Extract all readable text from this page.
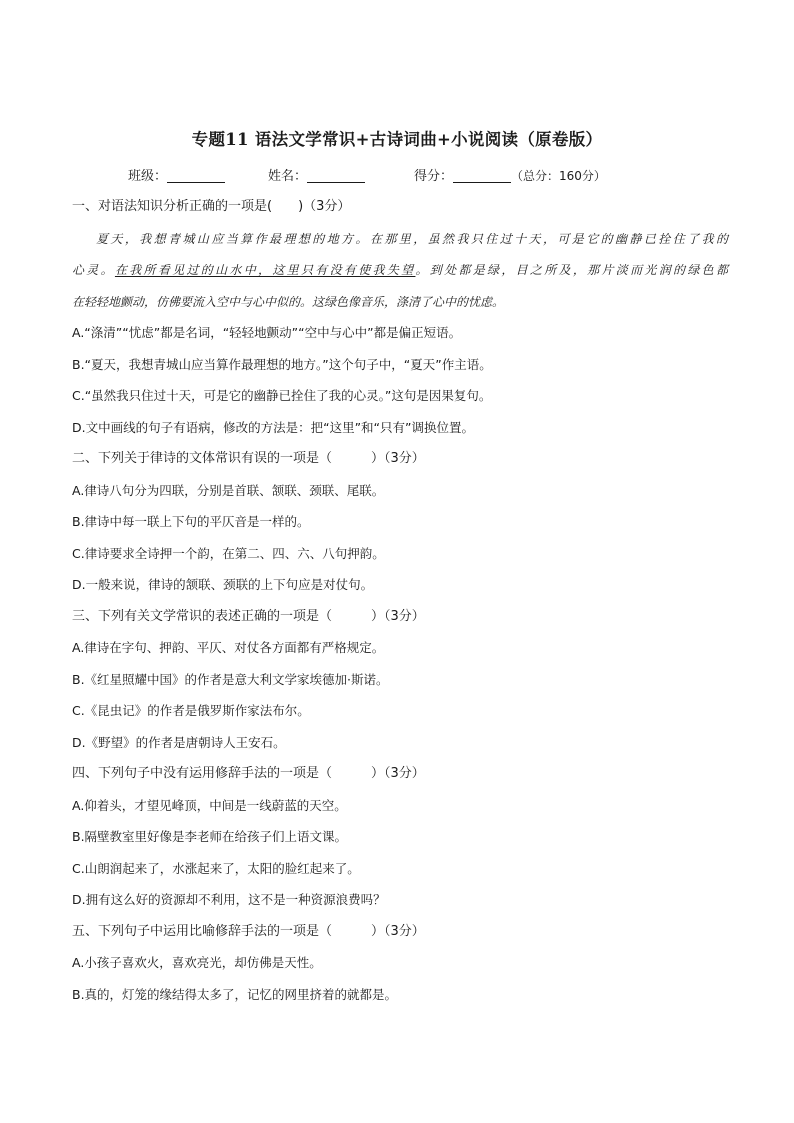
专题11 语法文学常识+古诗词曲+小说阅读（原卷版）
班级：	姓名：	得分：	（总分：160分）
一、对语法知识分析正确的一项是(　　)（3分）
夏天，我想青城山应当算作最理想的地方。在那里，虽然我只住过十天，可是它的幽静已拴住了我的
心灵。在我所看见过的山水中，这里只有没有使我失望。到处都是绿，目之所及，那片淡而光润的绿色都
在轻轻地颤动，仿佛要流入空中与心中似的。这绿色像音乐，涤清了心中的忧虑。
A.“涤清”“忧虑”都是名词，“轻轻地颤动”“空中与心中”都是偏正短语。
B.“夏天，我想青城山应当算作最理想的地方。”这个句子中，“夏天”作主语。
C.“虽然我只住过十天，可是它的幽静已拴住了我的心灵。”这句是因果复句。
D.文中画线的句子有语病，修改的方法是：把“这里”和“只有”调换位置。
二、下列关于律诗的文体常识有误的一项是（　　　）（3分）
A.律诗八句分为四联，分别是首联、颔联、颈联、尾联。
B.律诗中每一联上下句的平仄音是一样的。
C.律诗要求全诗押一个韵，在第二、四、六、八句押韵。
D.一般来说，律诗的颔联、颈联的上下句应是对仗句。
三、下列有关文学常识的表述正确的一项是（　　　）（3分）
A.律诗在字句、押韵、平仄、对仗各方面都有严格规定。
B.《红星照耀中国》的作者是意大利文学家埃德加·斯诺。
C.《昆虫记》的作者是俄罗斯作家法布尔。
D.《野望》的作者是唐朝诗人王安石。
四、下列句子中没有运用修辞手法的一项是（　　　）（3分）
A.仰着头，才望见峰顶，中间是一线蔚蓝的天空。
B.隔壁教室里好像是李老师在给孩子们上语文课。
C.山朗润起来了，水涨起来了，太阳的脸红起来了。
D.拥有这么好的资源却不利用，这不是一种资源浪费吗？
五、下列句子中运用比喻修辞手法的一项是（　　　）（3分）
A.小孩子喜欢火，喜欢亮光，却仿佛是天性。
B.真的，灯笼的缘结得太多了，记忆的网里挤着的就都是。
